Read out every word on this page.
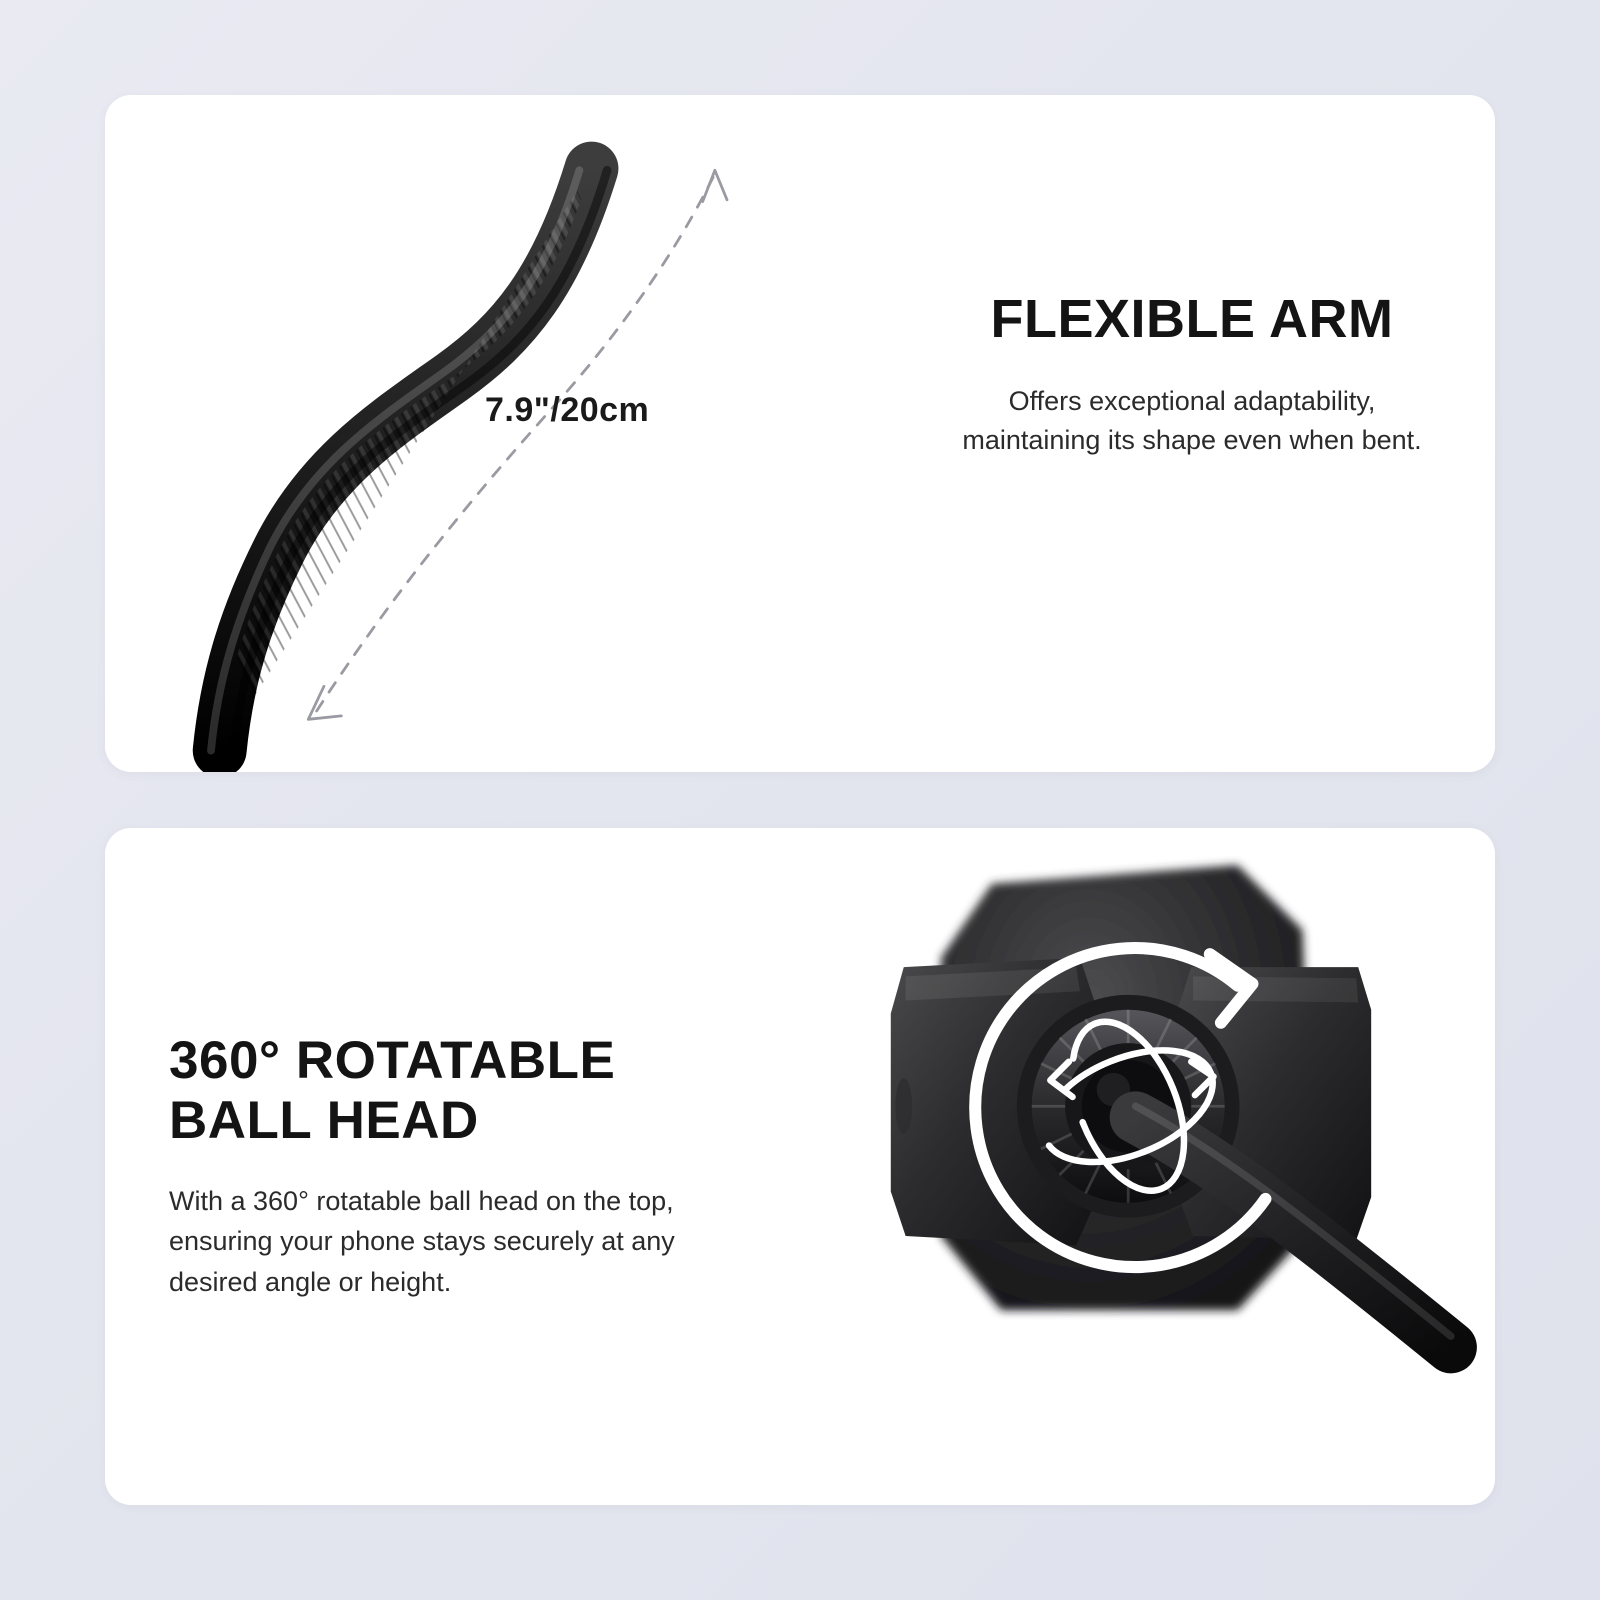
7.9"/20cm
FLEXIBLE ARM

Offers exceptional adaptability, maintaining its shape even when bent.

360° ROTATABLE BALL HEAD

With a 360° rotatable ball head on the top, ensuring your phone stays securely at any desired angle or height.
